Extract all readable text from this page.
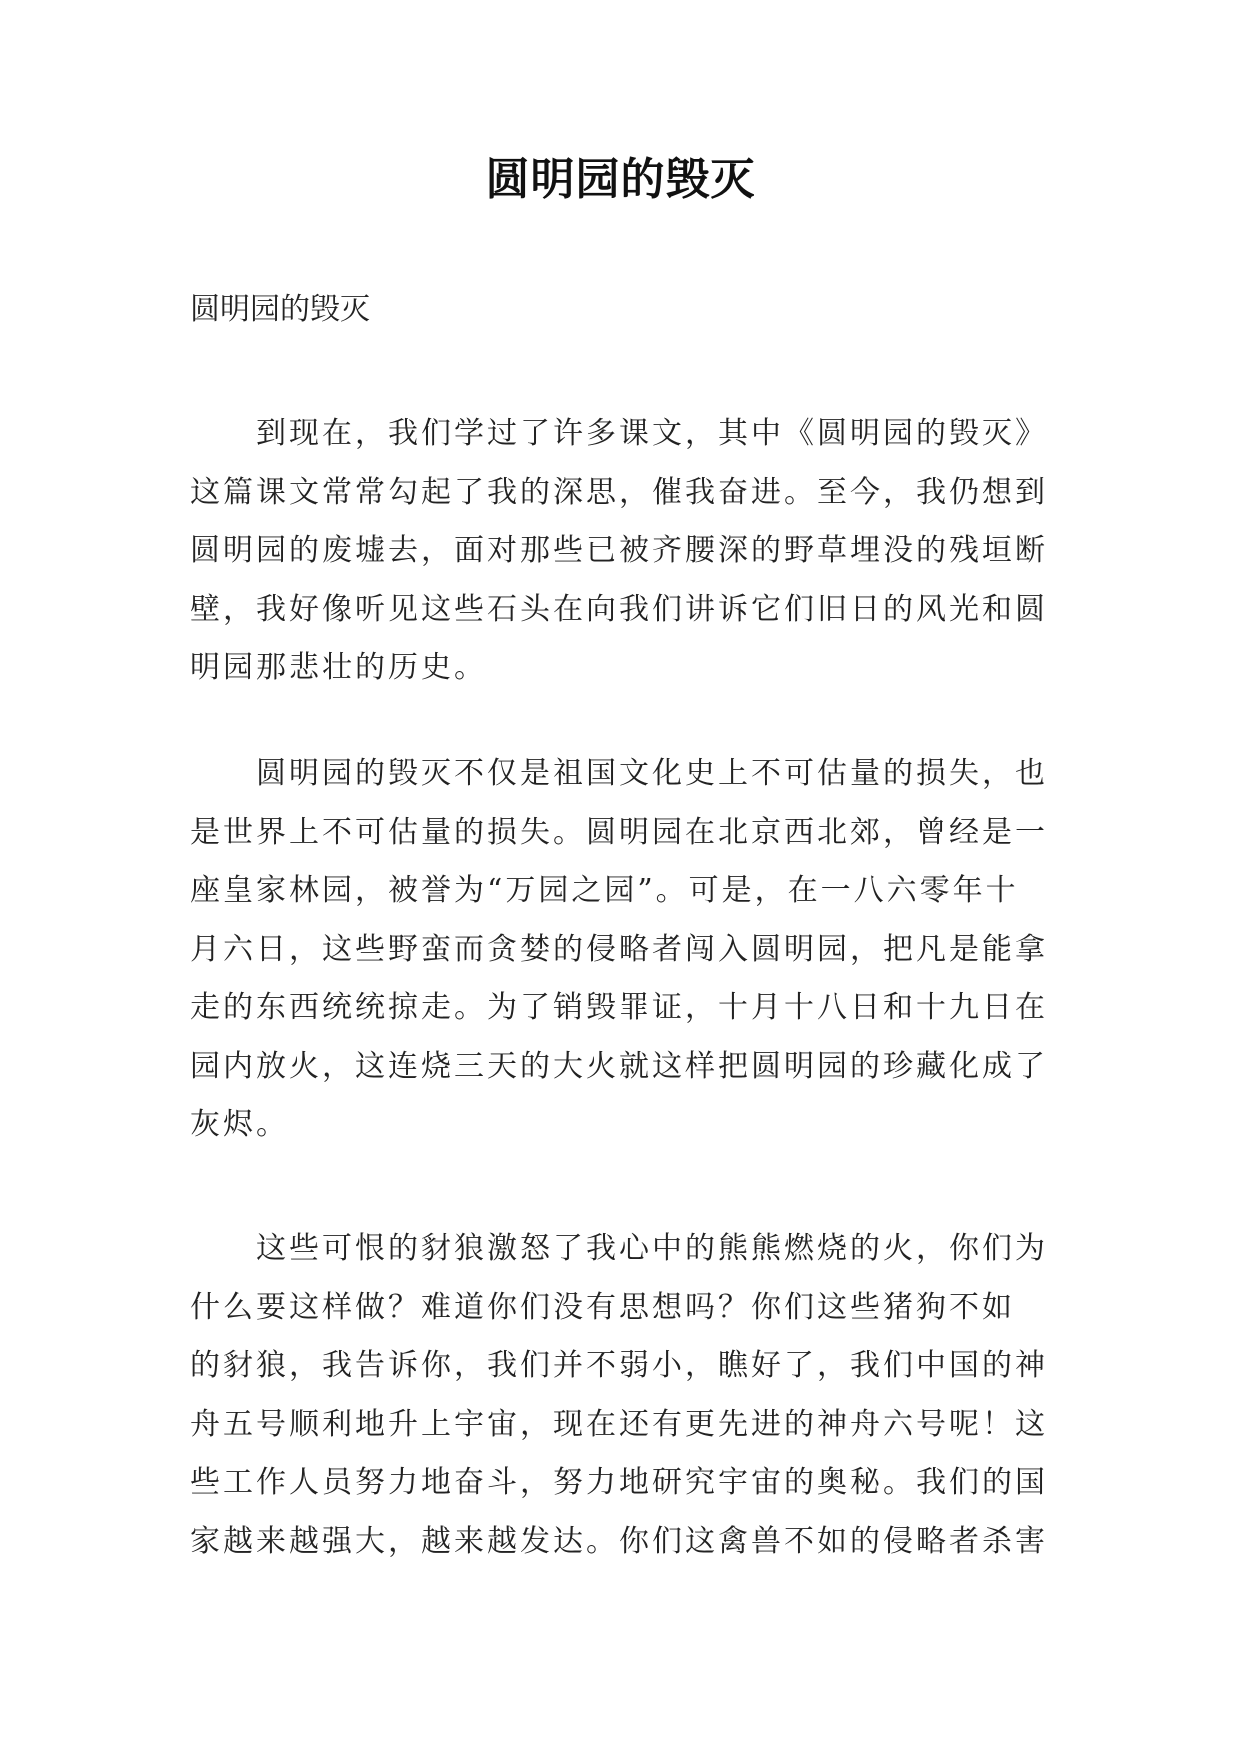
圆明园的毁灭
圆明园的毁灭
到现在，我们学过了许多课文，其中《圆明园的毁灭》
这篇课文常常勾起了我的深思，催我奋进。至今，我仍想到
圆明园的废墟去，面对那些已被齐腰深的野草埋没的残垣断
壁，我好像听见这些石头在向我们讲诉它们旧日的风光和圆
明园那悲壮的历史。
圆明园的毁灭不仅是祖国文化史上不可估量的损失，也
是世界上不可估量的损失。圆明园在北京西北郊，曾经是一
座皇家林园，被誉为“万园之园”。可是，在一八六零年十
月六日，这些野蛮而贪婪的侵略者闯入圆明园，把凡是能拿
走的东西统统掠走。为了销毁罪证，十月十八日和十九日在
园内放火，这连烧三天的大火就这样把圆明园的珍藏化成了
灰烬。
这些可恨的豺狼激怒了我心中的熊熊燃烧的火，你们为
什么要这样做？难道你们没有思想吗？你们这些猪狗不如
的豺狼，我告诉你，我们并不弱小，瞧好了，我们中国的神
舟五号顺利地升上宇宙，现在还有更先进的神舟六号呢！这
些工作人员努力地奋斗，努力地研究宇宙的奥秘。我们的国
家越来越强大，越来越发达。你们这禽兽不如的侵略者杀害
